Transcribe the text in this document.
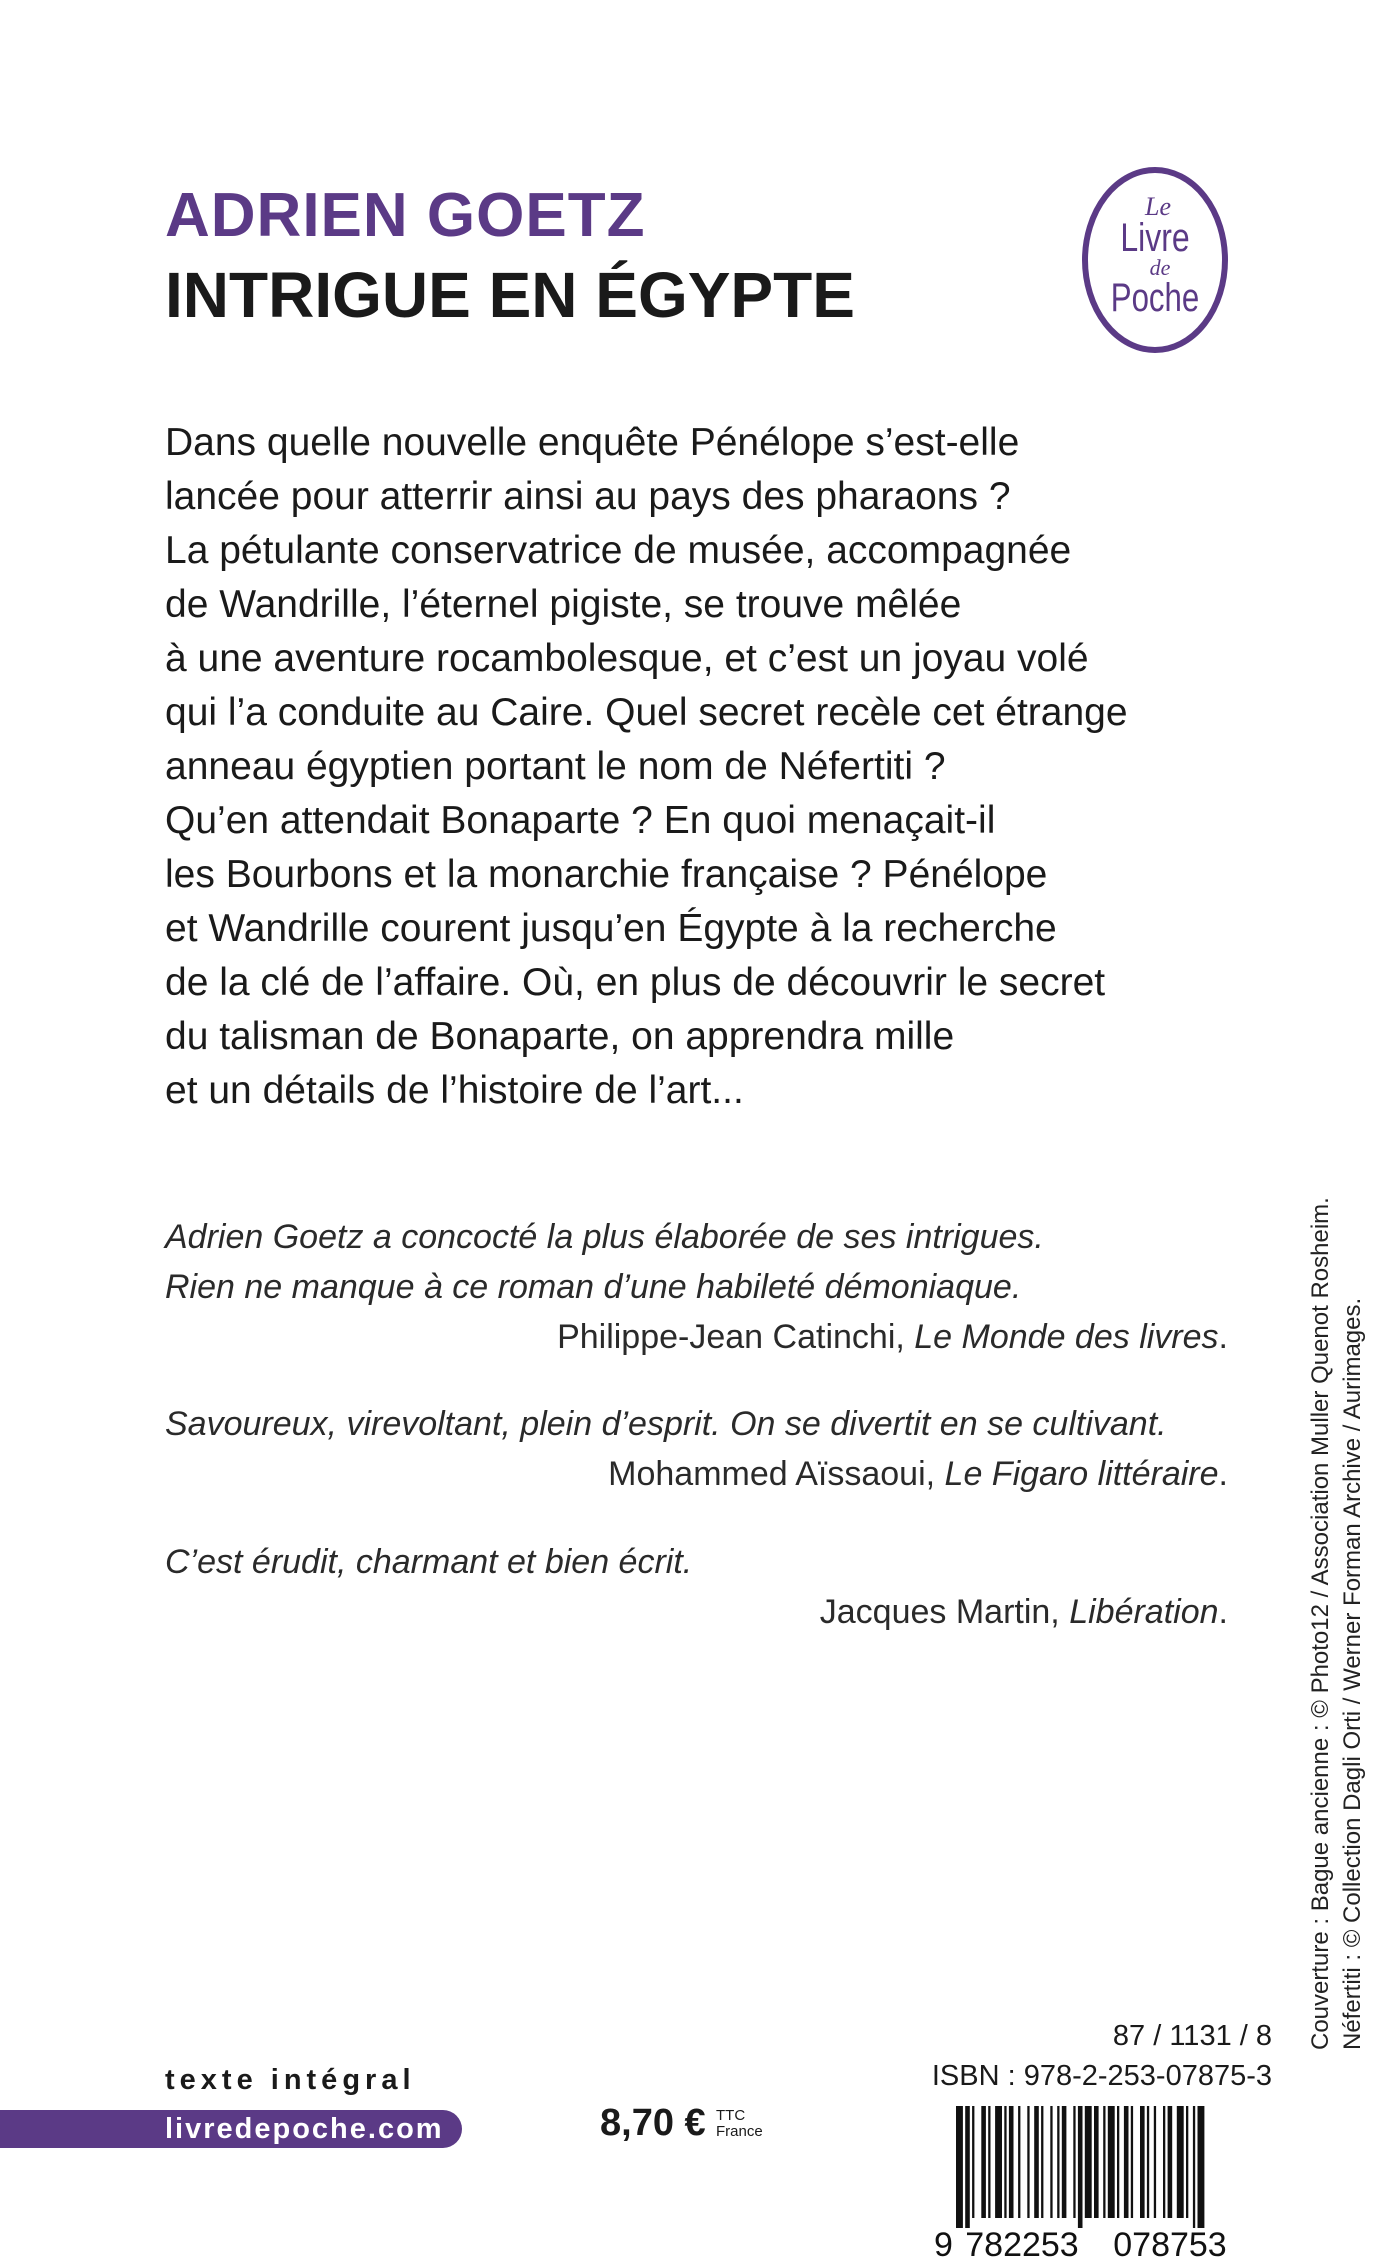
ADRIEN GOETZ
INTRIGUE EN ÉGYPTE
Le
Livre
de
Poche
Dans quelle nouvelle enquête Pénélope s’est-elle
lancée pour atterrir ainsi au pays des pharaons ?
La pétulante conservatrice de musée, accompagnée
de Wandrille, l’éternel pigiste, se trouve mêlée
à une aventure rocambolesque, et c’est un joyau volé
qui l’a conduite au Caire. Quel secret recèle cet étrange
anneau égyptien portant le nom de Néfertiti ?
Qu’en attendait Bonaparte ? En quoi menaçait-il
les Bourbons et la monarchie française ? Pénélope
et Wandrille courent jusqu’en Égypte à la recherche
de la clé de l’affaire. Où, en plus de découvrir le secret
du talisman de Bonaparte, on apprendra mille
et un détails de l’histoire de l’art...
Adrien Goetz a concocté la plus élaborée de ses intrigues.
Rien ne manque à ce roman d’une habileté démoniaque.
Philippe-Jean Catinchi, Le Monde des livres.
Savoureux, virevoltant, plein d’esprit. On se divertit en se cultivant.
Mohammed Aïssaoui, Le Figaro littéraire.
C’est érudit, charmant et bien écrit.
Jacques Martin, Libération.	Couverture : Bague ancienne : © Photo12 / Association Muller Quenot Rosheim. Néfertiti : © Collection Dagli Orti / Werner Forman Archive / Aurimages.
texte intégral
livredepoche.com	8,70 € TTC
France
87 / 1131 / 8
ISBN : 978-2-253-07875-3
9 782253 078753
